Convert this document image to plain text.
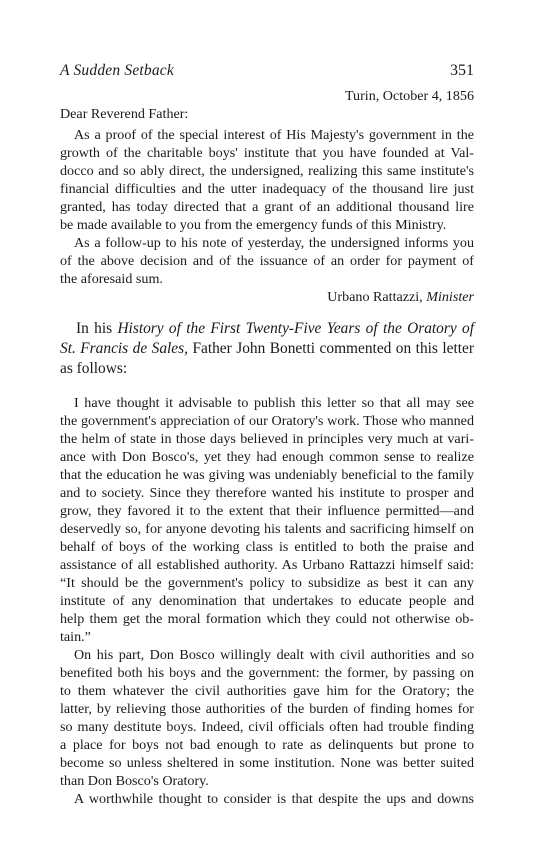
A Sudden Setback	351
Turin, October 4, 1856
Dear Reverend Father:
As a proof of the special interest of His Majesty's government in the
growth of the charitable boys' institute that you have founded at Val-
docco and so ably direct, the undersigned, realizing this same institute's
financial difficulties and the utter inadequacy of the thousand lire just
granted, has today directed that a grant of an additional thousand lire
be made available to you from the emergency funds of this Ministry.
As a follow-up to his note of yesterday, the undersigned informs you
of the above decision and of the issuance of an order for payment of
the aforesaid sum.
Urbano Rattazzi, Minister
In his History of the First Twenty-Five Years of the Oratory of
St. Francis de Sales, Father John Bonetti commented on this letter
as follows:
I have thought it advisable to publish this letter so that all may see
the government's appreciation of our Oratory's work. Those who manned
the helm of state in those days believed in principles very much at vari-
ance with Don Bosco's, yet they had enough common sense to realize
that the education he was giving was undeniably beneficial to the family
and to society. Since they therefore wanted his institute to prosper and
grow, they favored it to the extent that their influence permitted—and
deservedly so, for anyone devoting his talents and sacrificing himself on
behalf of boys of the working class is entitled to both the praise and
assistance of all established authority. As Urbano Rattazzi himself said:
“It should be the government's policy to subsidize as best it can any
institute of any denomination that undertakes to educate people and
help them get the moral formation which they could not otherwise ob-
tain.”
On his part, Don Bosco willingly dealt with civil authorities and so
benefited both his boys and the government: the former, by passing on
to them whatever the civil authorities gave him for the Oratory; the
latter, by relieving those authorities of the burden of finding homes for
so many destitute boys. Indeed, civil officials often had trouble finding
a place for boys not bad enough to rate as delinquents but prone to
become so unless sheltered in some institution. None was better suited
than Don Bosco's Oratory.
A worthwhile thought to consider is that despite the ups and downs
